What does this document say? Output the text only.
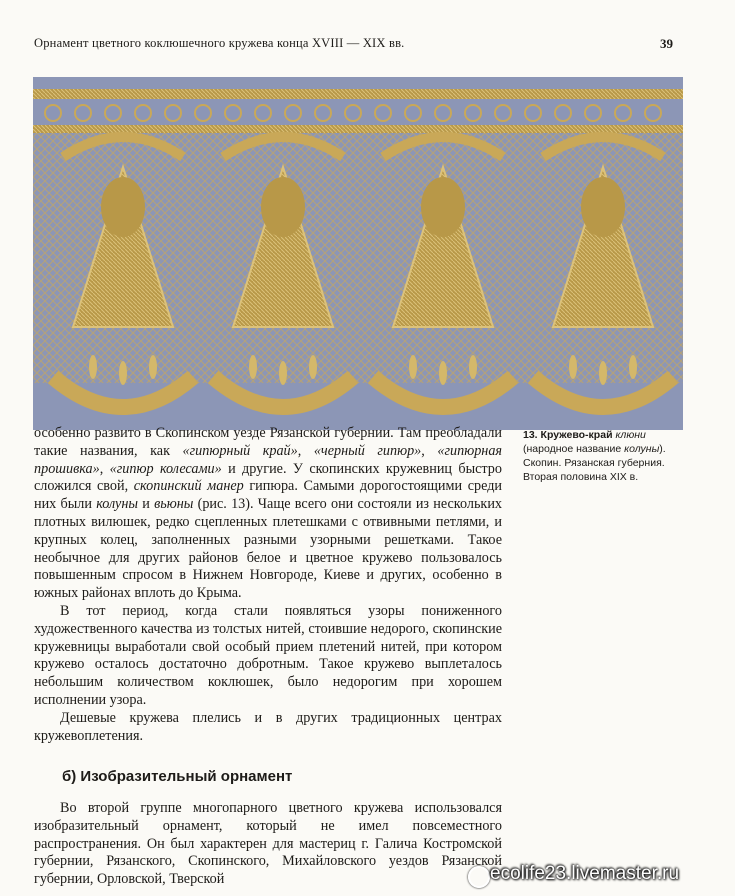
Орнамент цветного коклюшечного кружева конца XVIII — XIX вв.	39
13. Кружево-край клюни (народное название колуны). Скопин. Рязанская губерния. Вторая половина XIX в.

особенно развито в Скопинском уезде Рязанской губернии. Там преобладали такие названия, как «гипюрный край», «черный гипюр», «гипюрная прошивка», «гипюр колесами» и другие. У скопинских кружевниц быстро сложился свой, скопинский манер гипюра. Самыми дорогостоящими среди них были колуны и вьюны (рис. 13). Чаще всего они состояли из нескольких плотных вилюшек, редко сцепленных плетешками с отвивными петлями, и крупных колец, заполненных разными узорными решетками. Такое необычное для других районов белое и цветное кружево пользовалось повышенным спросом в Нижнем Новгороде, Киеве и других, особенно в южных районах вплоть до Крыма.

В тот период, когда стали появляться узоры пониженного художественного качества из толстых нитей, стоившие недорого, скопинские кружевницы выработали свой особый прием плетений нитей, при котором кружево осталось достаточно добротным. Такое кружево выплеталось небольшим количеством коклюшек, было недорогим при хорошем исполнении узора.

Дешевые кружева плелись и в других традиционных центрах кружевоплетения.

б) Изобразительный орнамент

Во второй группе многопарного цветного кружева использовался изобразительный орнамент, который не имел повсеместного распространения. Он был характерен для мастериц г. Галича Костромской губернии, Рязанского, Скопинского, Михайловского уездов Рязанской губернии, Орловской, Тверской	ecolife23.livemaster.ru
